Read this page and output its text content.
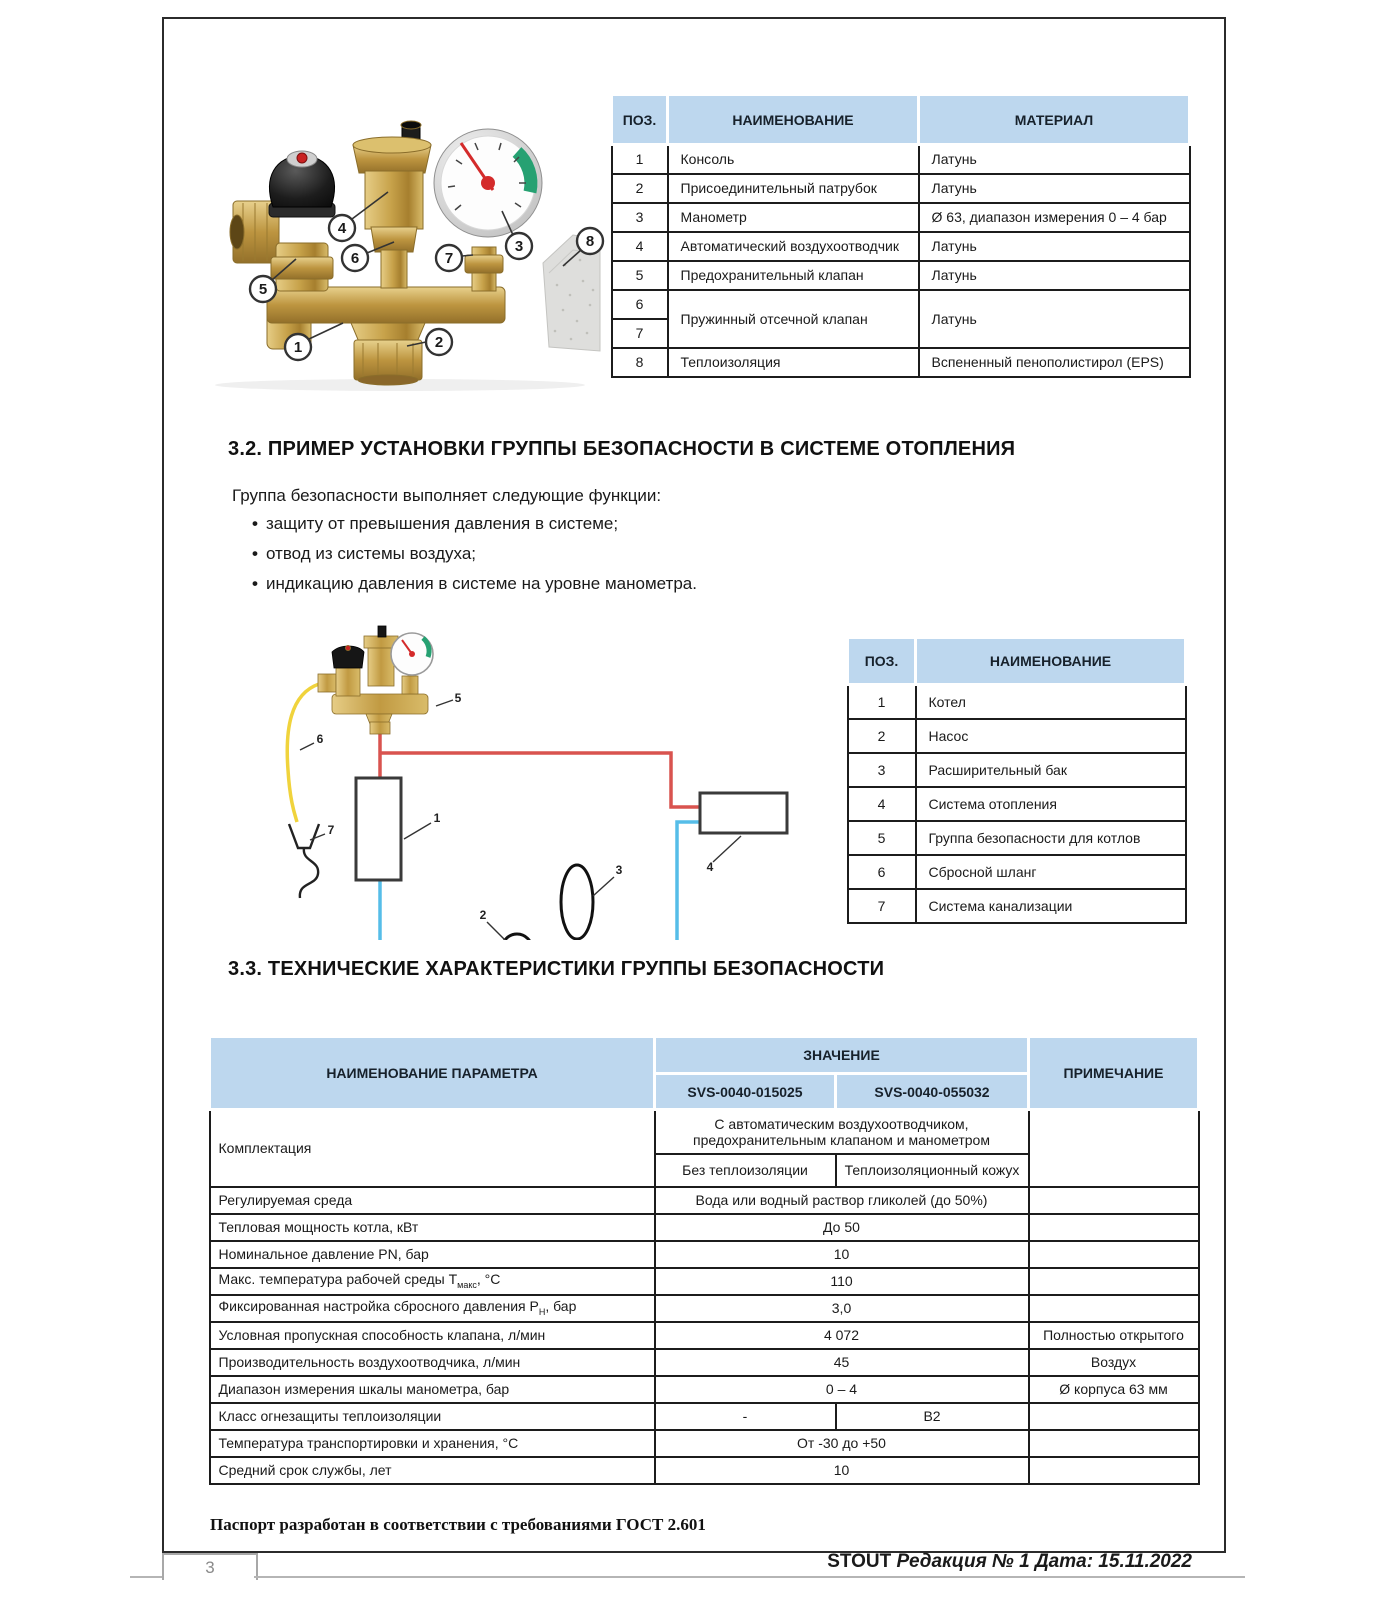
1	2
3
4
5
6	7
8
ПОЗ.	НАИМЕНОВАНИЕ	МАТЕРИАЛ
1	Консоль	Латунь
2	Присоединительный патрубок	Латунь
3	Манометр	Ø 63, диапазон измерения 0 – 4 бар
4	Автоматический воздухоотводчик	Латунь
5	Предохранительный клапан	Латунь
6	Пружинный отсечной клапан	Латунь
7		
8	Теплоизоляция	Вспененный пенополистирол (EPS)
3.2. ПРИМЕР УСТАНОВКИ ГРУППЫ БЕЗОПАСНОСТИ В СИСТЕМЕ ОТОПЛЕНИЯ
Группа безопасности выполняет следующие функции:
• защиту от превышения давления в системе;
• отвод из системы воздуха;
• индикацию давления в системе на уровне манометра.
5
6
7
1
2
3	4
ПОЗ.	НАИМЕНОВАНИЕ
1	Котел
2	Насос
3	Расширительный бак
4	Система отопления
5	Группа безопасности для котлов
6	Сбросной шланг
7	Система канализации
3.3. ТЕХНИЧЕСКИЕ ХАРАКТЕРИСТИКИ ГРУППЫ БЕЗОПАСНОСТИ
НАИМЕНОВАНИЕ ПАРАМЕТРА	ЗНАЧЕНИЕ		ПРИМЕЧАНИЕ
	SVS-0040-015025	SVS-0040-055032	
Комплектация	С автоматическим воздухоотводчиком, предохранительным клапаном и манометром		
	Без теплоизоляции	Теплоизоляционный кожух	
Регулируемая среда	Вода или водный раствор гликолей (до 50%)		
Тепловая мощность котла, кВт	До 50		
Номинальное давление PN, бар	10		
Макс. температура рабочей среды $Т_{макс}$, °С	110		
Фиксированная настройка сбросного давления $Р_Н$, бар	3,0		
Условная пропускная способность клапана, л/мин	4 072		Полностью открытого
Производительность воздухоотводчика, л/мин	45		Воздух
Диапазон измерения шкалы манометра, бар	0 – 4		Ø корпуса 63 мм
Класс огнезащиты теплоизоляции	-	B2	
Температура транспортировки и хранения, °С	От -30 до +50		
Средний срок службы, лет	10		
Паспорт разработан в соответствии с требованиями ГОСТ 2.601
3	STOUT Редакция № 1 Дата: 15.11.2022
